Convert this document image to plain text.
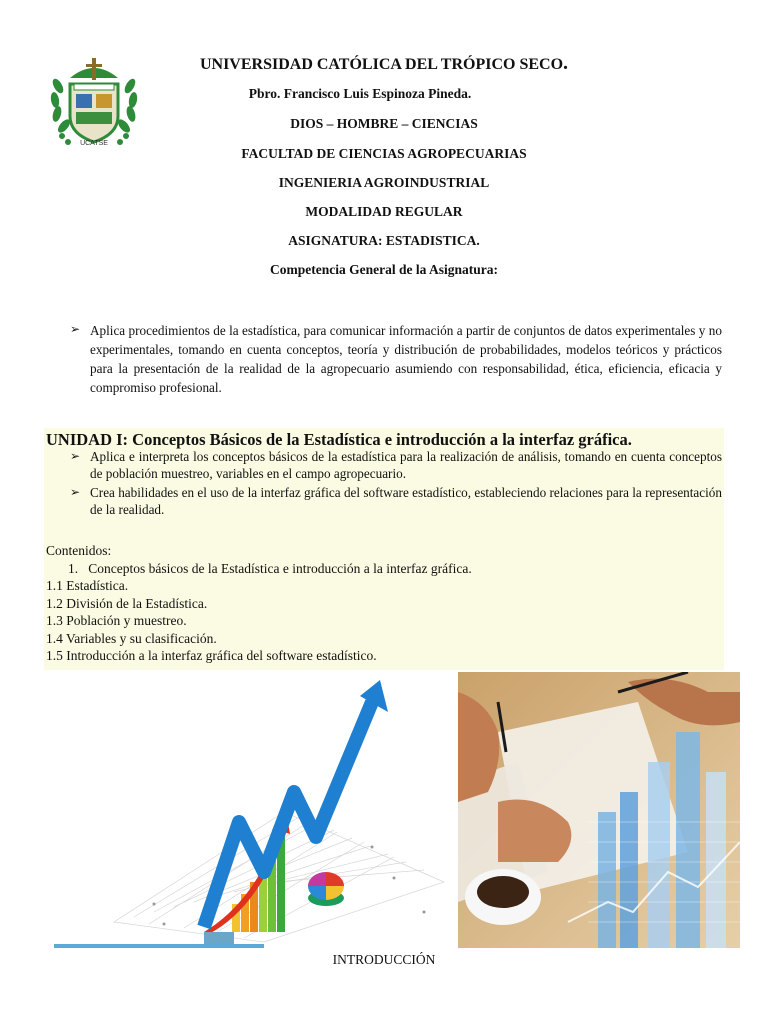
UCATSE
UNIVERSIDAD CATÓLICA DEL TRÓPICO SECO.
Pbro. Francisco Luis Espinoza Pineda.
DIOS – HOMBRE – CIENCIAS
FACULTAD DE CIENCIAS AGROPECUARIAS
INGENIERIA AGROINDUSTRIAL
MODALIDAD REGULAR
ASIGNATURA: ESTADISTICA.
Competencia General de la Asignatura:
➢ Aplica procedimientos de la estadística, para comunicar información a partir de conjuntos de datos experimentales y no experimentales, tomando en cuenta conceptos, teoría y distribución de probabilidades, modelos teóricos y prácticos para la presentación de la realidad de la agropecuario asumiendo con responsabilidad, ética, eficiencia, eficacia y compromiso profesional.
UNIDAD I: Conceptos Básicos de la Estadística e introducción a la interfaz gráfica.
➢ Aplica e interpreta los conceptos básicos de la estadística para la realización de análisis, tomando en cuenta conceptos de población muestreo, variables en el campo agropecuario.
➢ Crea habilidades en el uso de la interfaz gráfica del software estadístico, estableciendo relaciones para la representación de la realidad.
Contenidos:
1.   Conceptos básicos de la Estadística e introducción a la interfaz gráfica.
1.1 Estadística.
1.2 División de la Estadística.
1.3 Población y muestreo.
1.4 Variables y su clasificación.
1.5 Introducción a la interfaz gráfica del software estadístico.
INTRODUCCIÓN
